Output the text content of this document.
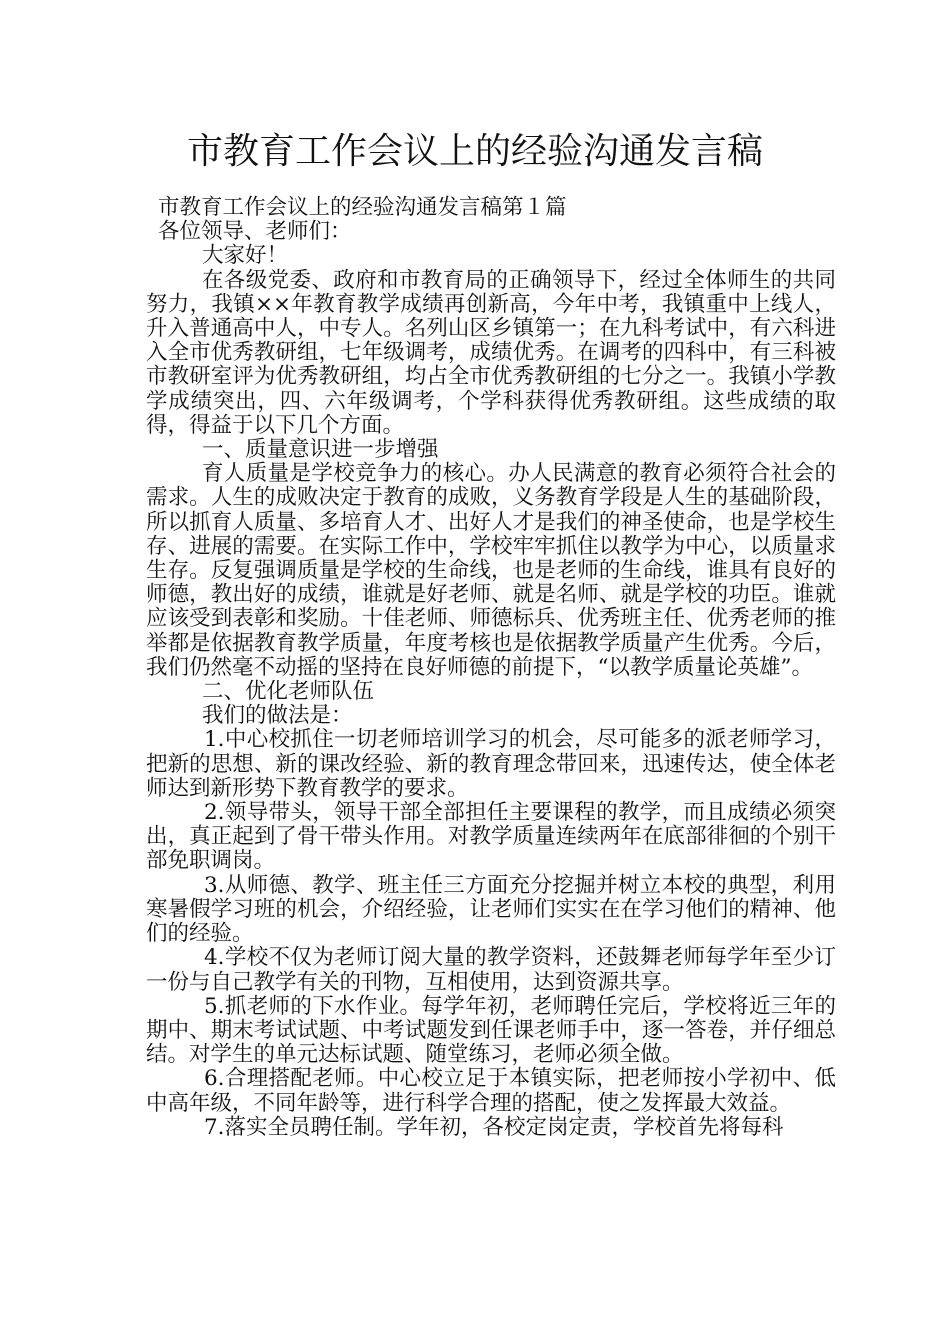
市教育工作会议上的经验沟通发言稿

市教育工作会议上的经验沟通发言稿第１篇

各位领导、老师们：

大家好！

在各级党委、政府和市教育局的正确领导下，经过全体师生的共同努力，我镇××年教育教学成绩再创新高，今年中考，我镇重中上线人，升入普通高中人，中专人。名列山区乡镇第一；在九科考试中，有六科进入全市优秀教研组，七年级调考，成绩优秀。在调考的四科中，有三科被市教研室评为优秀教研组，均占全市优秀教研组的七分之一。我镇小学教学成绩突出，四、六年级调考，个学科获得优秀教研组。这些成绩的取得，得益于以下几个方面。

一、质量意识进一步增强

育人质量是学校竞争力的核心。办人民满意的教育必须符合社会的需求。人生的成败决定于教育的成败，义务教育学段是人生的基础阶段，所以抓育人质量、多培育人才、出好人才是我们的神圣使命，也是学校生存、进展的需要。在实际工作中，学校牢牢抓住以教学为中心，以质量求生存。反复强调质量是学校的生命线，也是老师的生命线，谁具有良好的师德，教出好的成绩，谁就是好老师、就是名师、就是学校的功臣。谁就应该受到表彰和奖励。十佳老师、师德标兵、优秀班主任、优秀老师的推举都是依据教育教学质量，年度考核也是依据教学质量产生优秀。今后，我们仍然毫不动摇的坚持在良好师德的前提下，“以教学质量论英雄”。

二、优化老师队伍

我们的做法是：

1.中心校抓住一切老师培训学习的机会，尽可能多的派老师学习，把新的思想、新的课改经验、新的教育理念带回来，迅速传达，使全体老师达到新形势下教育教学的要求。

2.领导带头，领导干部全部担任主要课程的教学，而且成绩必须突出，真正起到了骨干带头作用。对教学质量连续两年在底部徘徊的个别干部免职调岗。

3.从师德、教学、班主任三方面充分挖掘并树立本校的典型，利用寒暑假学习班的机会，介绍经验，让老师们实实在在学习他们的精神、他们的经验。

4.学校不仅为老师订阅大量的教学资料，还鼓舞老师每学年至少订一份与自己教学有关的刊物，互相使用，达到资源共享。

5.抓老师的下水作业。每学年初，老师聘任完后，学校将近三年的期中、期末考试试题、中考试题发到任课老师手中，逐一答卷，并仔细总结。对学生的单元达标试题、随堂练习，老师必须全做。

6.合理搭配老师。中心校立足于本镇实际，把老师按小学初中、低中高年级，不同年龄等，进行科学合理的搭配，使之发挥最大效益。

7.落实全员聘任制。学年初，各校定岗定责，学校首先将每科
